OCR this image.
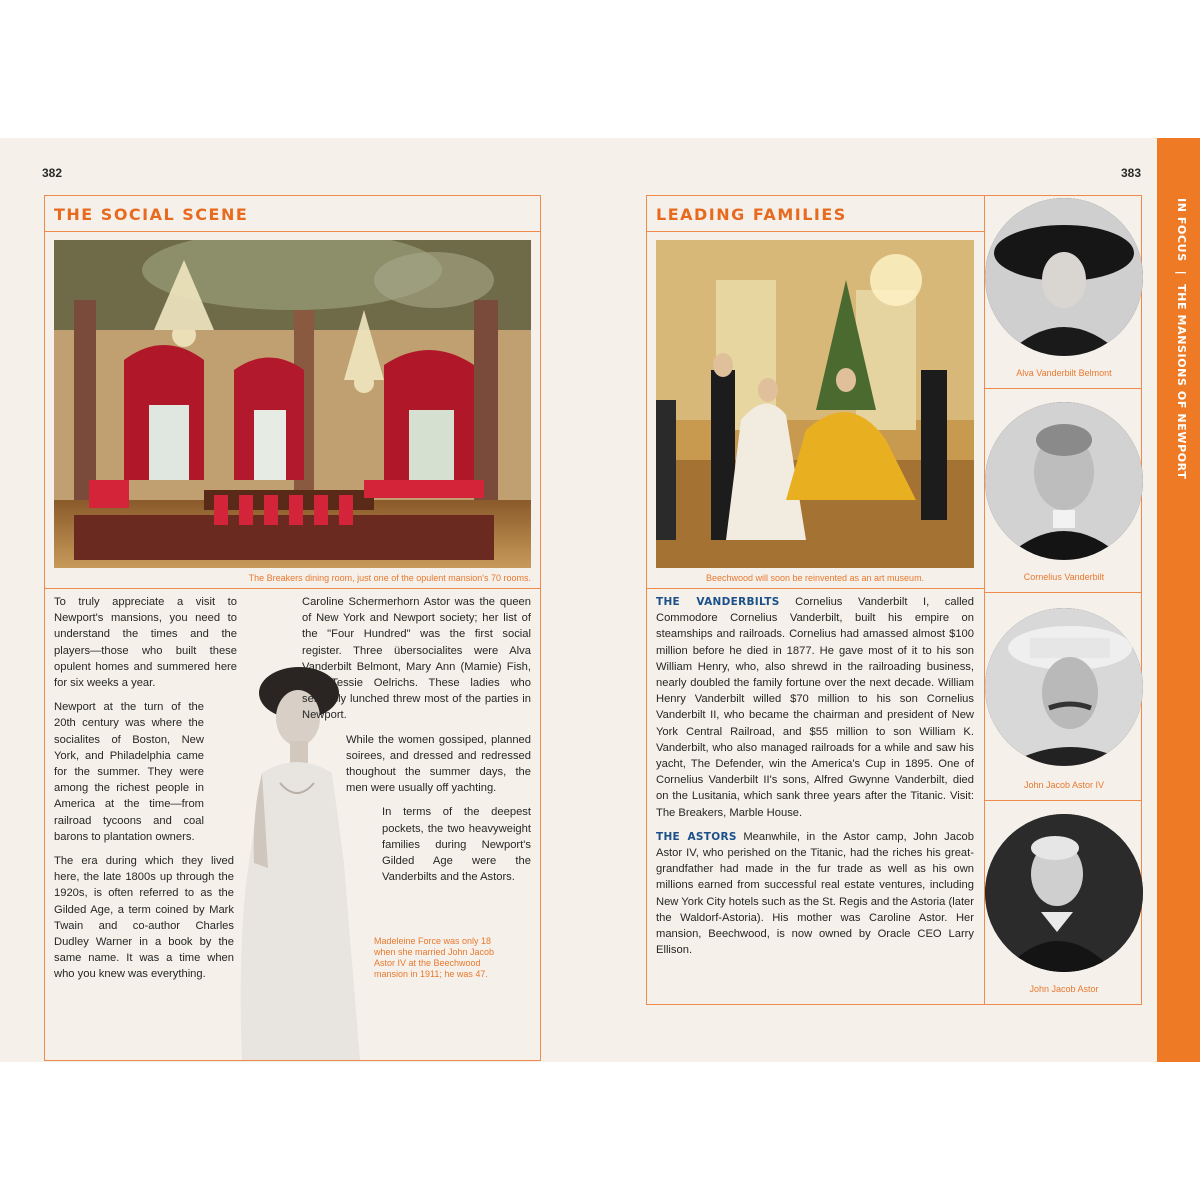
382
THE SOCIAL SCENE
The Breakers dining room, just one of the opulent mansion's 70 rooms.

To truly appreciate a visit to Newport's mansions, you need to understand the times and the players—those who built these opulent homes and summered here for six weeks a year.

Newport at the turn of the 20th century was where the socialites of Boston, New York, and Philadelphia came for the summer. They were among the richest people in America at the time—from railroad tycoons and coal barons to plantation owners.

The era during which they lived here, the late 1800s up through the 1920s, is often referred to as the Gilded Age, a term coined by Mark Twain and co-author Charles Dudley Warner in a book by the same name. It was a time when who you knew was everything.

Caroline Schermerhorn Astor was the queen of New York and Newport society; her list of the "Four Hundred" was the first social register. Three übersocialites were Alva Vanderbilt Belmont, Mary Ann (Mamie) Fish, and Tessie Oelrichs. These ladies who seriously lunched threw most of the parties in Newport.

While the women gossiped, planned soirees, and dressed and redressed thoughout the summer days, the men were usually off yachting.

In terms of the deepest pockets, the two heavyweight families during Newport's Gilded Age were the Vanderbilts and the Astors.

Madeleine Force was only 18 when she married John Jacob Astor IV at the Beechwood mansion in 1911; he was 47.
383
LEADING FAMILIES
Beechwood will soon be reinvented as an art museum.

THE VANDERBILTS Cornelius Vanderbilt I, called Commodore Cornelius Vanderbilt, built his empire on steamships and railroads. Cornelius had amassed almost $100 million before he died in 1877. He gave most of it to his son William Henry, who, also shrewd in the railroading business, nearly doubled the family fortune over the next decade. William Henry Vanderbilt willed $70 million to his son Cornelius Vanderbilt II, who became the chairman and president of New York Central Railroad, and $55 million to son William K. Vanderbilt, who also managed railroads for a while and saw his yacht, The Defender, win the America's Cup in 1895. One of Cornelius Vanderbilt II's sons, Alfred Gwynne Vanderbilt, died on the Lusitania, which sank three years after the Titanic. Visit: The Breakers, Marble House.

THE ASTORS Meanwhile, in the Astor camp, John Jacob Astor IV, who perished on the Titanic, had the riches his great-grandfather had made in the fur trade as well as his own millions earned from successful real estate ventures, including New York City hotels such as the St. Regis and the Astoria (later the Waldorf-Astoria). His mother was Caroline Astor. Her mansion, Beechwood, is now owned by Oracle CEO Larry Ellison.

Alva Vanderbilt Belmont
Cornelius Vanderbilt
John Jacob Astor IV
John Jacob Astor
IN FOCUS  |  THE MANSIONS OF NEWPORT
